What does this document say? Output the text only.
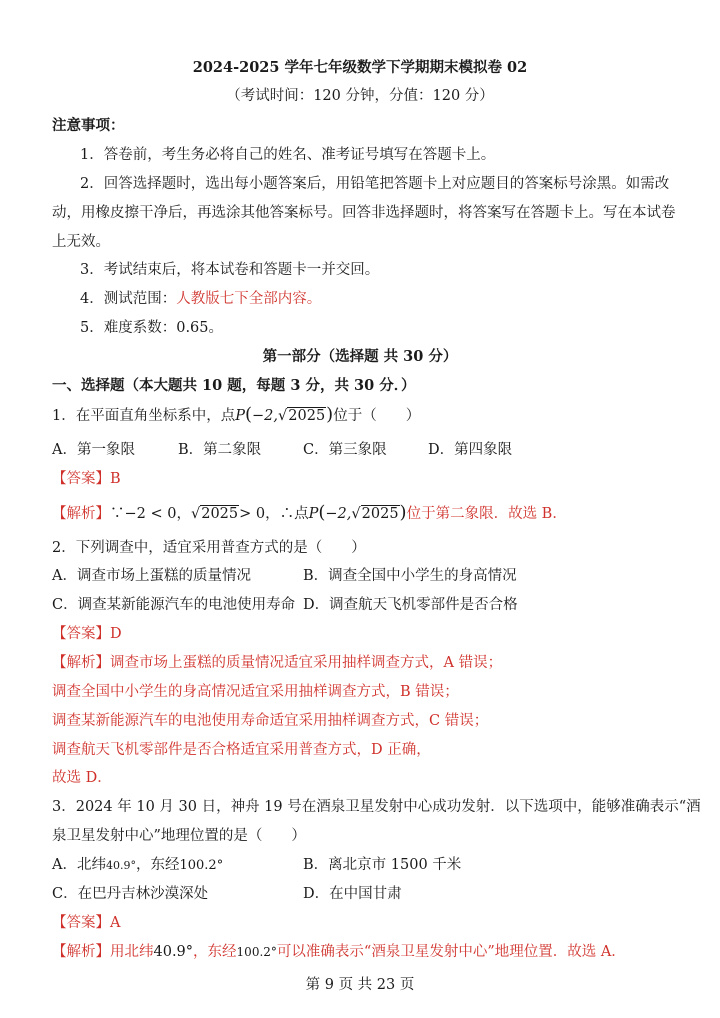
2024-2025 学年七年级数学下学期期末模拟卷 02
（考试时间：120 分钟，分值：120 分）
注意事项：
1．答卷前，考生务必将自己的姓名、准考证号填写在答题卡上。
2．回答选择题时，选出每小题答案后，用铅笔把答题卡上对应题目的答案标号涂黑。如需改
动，用橡皮擦干净后，再选涂其他答案标号。回答非选择题时，将答案写在答题卡上。写在本试卷
上无效。
3．考试结束后，将本试卷和答题卡一并交回。
4．测试范围：人教版七下全部内容。
5．难度系数：0.65。
第一部分（选择题 共 30 分）
一、选择题（本大题共 10 题，每题 3 分，共 30 分．）
1．在平面直角坐标系中，点P(−2,√2025)位于（　　）
A．第一象限	B．第二象限	C．第三象限	D．第四象限
【答案】B
【解析】∵−2 < 0，√2025> 0，∴点P(−2,√2025)位于第二象限．故选 B．
2．下列调查中，适宜采用普查方式的是（　　）
A．调查市场上蛋糕的质量情况	B．调查全国中小学生的身高情况
C．调查某新能源汽车的电池使用寿命 D．调查航天飞机零部件是否合格
【答案】D
【解析】调查市场上蛋糕的质量情况适宜采用抽样调查方式，A 错误；
调查全国中小学生的身高情况适宜采用抽样调查方式，B 错误；
调查某新能源汽车的电池使用寿命适宜采用抽样调查方式，C 错误；
调查航天飞机零部件是否合格适宜采用普查方式，D 正确，
故选 D．
3．2024 年 10 月 30 日，神舟 19 号在酒泉卫星发射中心成功发射．以下选项中，能够准确表示“酒
泉卫星发射中心”地理位置的是（　　）
A．北纬40.9°，东经100.2°	B．离北京市 1500 千米
C．在巴丹吉林沙漠深处	D．在中国甘肃
【答案】A
【解析】用北纬40.9°，东经100.2°可以准确表示“酒泉卫星发射中心”地理位置．故选 A．
第 9 页 共 23 页
